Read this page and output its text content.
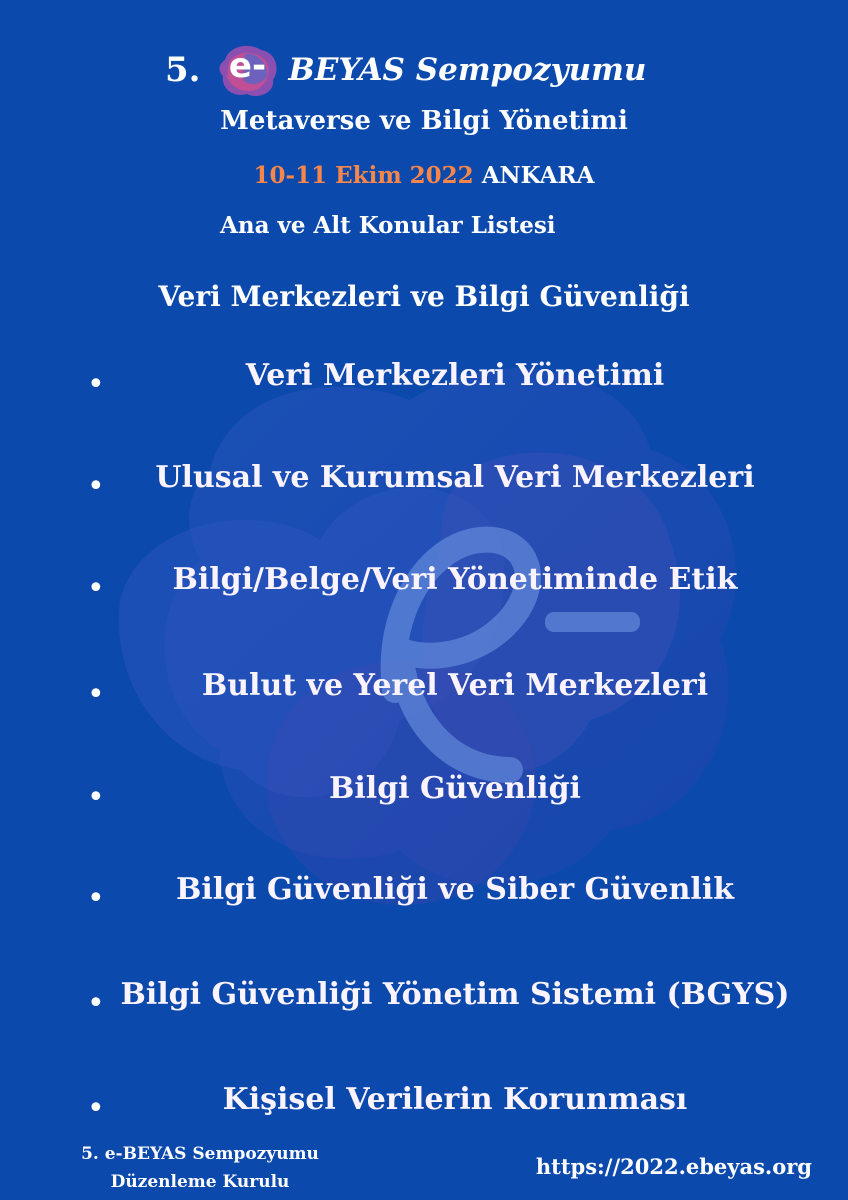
5. e- BEYAS Sempozyumu
Metaverse ve Bilgi Yönetimi
10-11 Ekim 2022 ANKARA
Ana ve Alt Konular Listesi
Veri Merkezleri ve Bilgi Güvenliği
•	Veri Merkezleri Yönetimi
•	Ulusal ve Kurumsal Veri Merkezleri
•	Bilgi/Belge/Veri Yönetiminde Etik
•	Bulut ve Yerel Veri Merkezleri
•	Bilgi Güvenliği
•	Bilgi Güvenliği ve Siber Güvenlik
• Bilgi Güvenliği Yönetim Sistemi (BGYS)
•	Kişisel Verilerin Korunması
5. e-BEYAS Sempozyumu
Düzenleme Kurulu
https://2022.ebeyas.org
